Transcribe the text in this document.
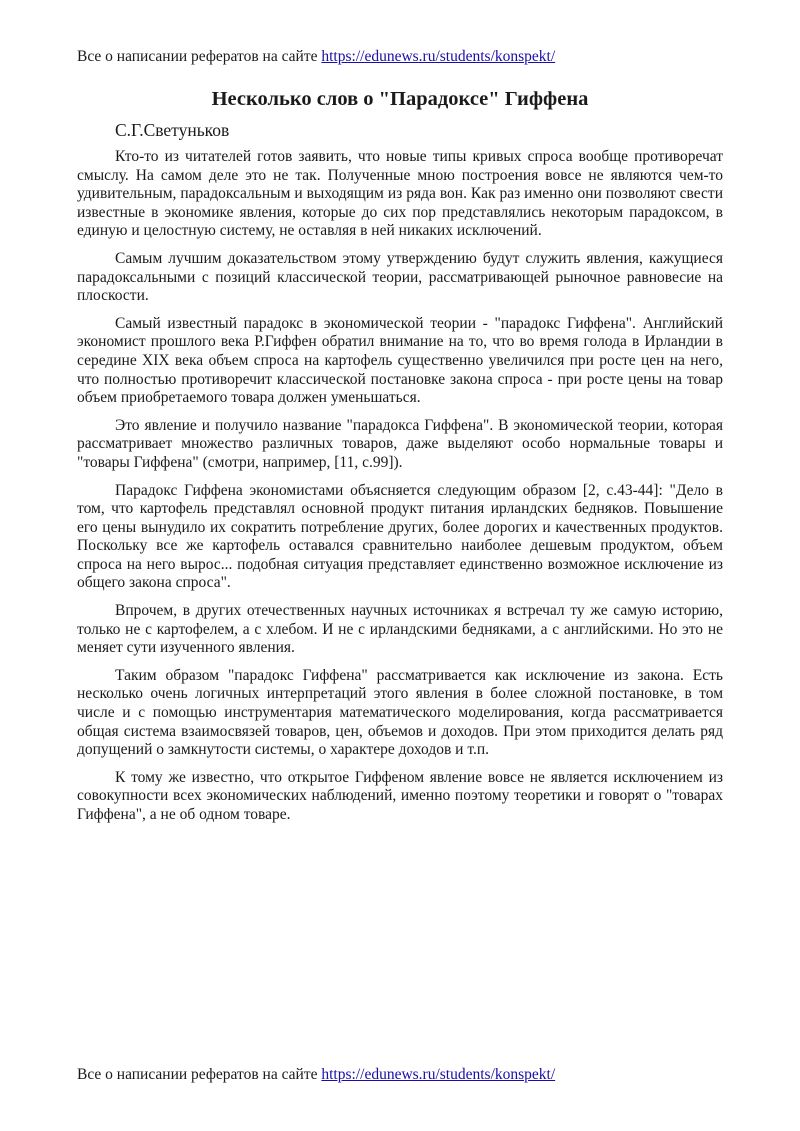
Все о написании рефератов на сайте https://edunews.ru/students/konspekt/
Несколько слов о "Парадоксе" Гиффена
С.Г.Светуньков

Кто-то из читателей готов заявить, что новые типы кривых спроса вообще противоречат смыслу. На самом деле это не так. Полученные мною построения вовсе не являются чем-то удивительным, парадоксальным и выходящим из ряда вон. Как раз именно они позволяют свести известные в экономике явления, которые до сих пор представлялись некоторым парадоксом, в единую и целостную систему, не оставляя в ней никаких исключений.

Самым лучшим доказательством этому утверждению будут служить явления, кажущиеся парадоксальными с позиций классической теории, рассматривающей рыночное равновесие на плоскости.

Самый известный парадокс в экономической теории - "парадокс Гиффена". Английский экономист прошлого века Р.Гиффен обратил внимание на то, что во время голода в Ирландии в середине XIX века объем спроса на картофель существенно увеличился при росте цен на него, что полностью противоречит классической постановке закона спроса - при росте цены на товар объем приобретаемого товара должен уменьшаться.

Это явление и получило название "парадокса Гиффена". В экономической теории, которая рассматривает множество различных товаров, даже выделяют особо нормальные товары и "товары Гиффена" (смотри, например, [11, с.99]).

Парадокс Гиффена экономистами объясняется следующим образом [2, с.43-44]: "Дело в том, что картофель представлял основной продукт питания ирландских бедняков. Повышение его цены вынудило их сократить потребление других, более дорогих и качественных продуктов. Поскольку все же картофель оставался сравнительно наиболее дешевым продуктом, объем спроса на него вырос... подобная ситуация представляет единственно возможное исключение из общего закона спроса".

Впрочем, в других отечественных научных источниках я встречал ту же самую историю, только не с картофелем, а с хлебом. И не с ирландскими бедняками, а с английскими. Но это не меняет сути изученного явления.

Таким образом "парадокс Гиффена" рассматривается как исключение из закона. Есть несколько очень логичных интерпретаций этого явления в более сложной постановке, в том числе и с помощью инструментария математического моделирования, когда рассматривается общая система взаимосвязей товаров, цен, объемов и доходов. При этом приходится делать ряд допущений о замкнутости системы, о характере доходов и т.п.

К тому же известно, что открытое Гиффеном явление вовсе не является исключением из совокупности всех экономических наблюдений, именно поэтому теоретики и говорят о "товарах Гиффена", а не об одном товаре.

Все о написании рефератов на сайте https://edunews.ru/students/konspekt/
